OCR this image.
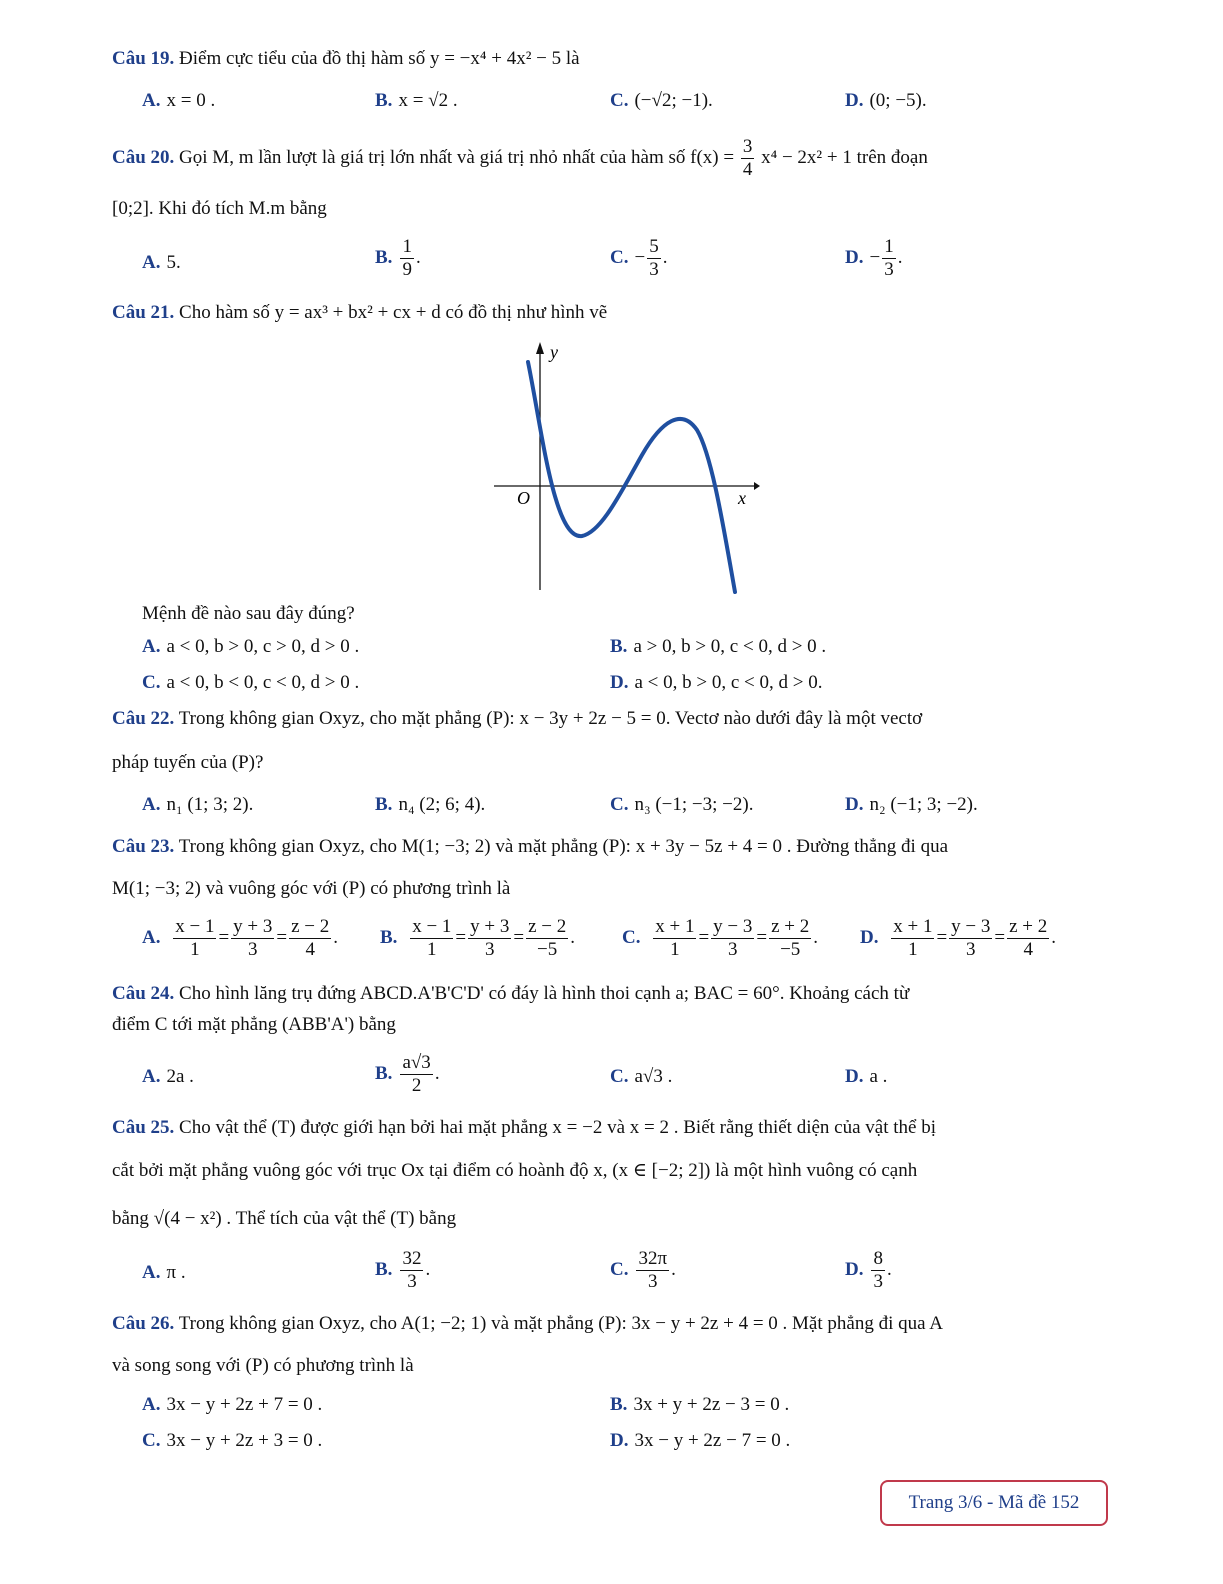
Câu 19. Điểm cực tiểu của đồ thị hàm số y = −x⁴ + 4x² − 5 là
A. x = 0 .	B. x = √2 .	C. (−√2; −1).	D. (0; −5).
Câu 20. Gọi M, m lần lượt là giá trị lớn nhất và giá trị nhỏ nhất của hàm số $f(x) = \frac{3}{4} x^4 - 2x^2 + 1$ trên đoạn
[0;2]. Khi đó tích M.m bằng
A. 5.	B. $\frac{1}{9}$ .	C. − $\frac{5}{3}$ .	D. − $\frac{1}{3}$ .
Câu 21. Cho hàm số y = ax³ + bx² + cx + d có đồ thị như hình vẽ
y
x
O
Mệnh đề nào sau đây đúng?
A. a < 0, b > 0, c > 0, d > 0 .	B. a > 0, b > 0, c < 0, d > 0 .
C. a < 0, b < 0, c < 0, d > 0 .	D. a < 0, b > 0, c < 0, d > 0.
Câu 22. Trong không gian Oxyz, cho mặt phẳng (P): x − 3y + 2z − 5 = 0. Vectơ nào dưới đây là một vectơ
pháp tuyến của (P)?
A. n₁ (1; 3; 2).	B. n₄ (2; 6; 4).	C. n₃ (−1; −3; −2).	D. n₂ (−1; 3; −2).
Câu 23. Trong không gian Oxyz, cho M(1; −3; 2) và mặt phẳng (P): x + 3y − 5z + 4 = 0 . Đường thẳng đi qua
M(1; −3; 2) và vuông góc với (P) có phương trình là
A. $\frac{x - 1}{1} = \frac{y + 3}{3} = \frac{z - 2}{4}$ . B. $\frac{x - 1}{1} = \frac{y + 3}{3} = \frac{z - 2}{-5}$ . C. $\frac{x + 1}{1} = \frac{y - 3}{3} = \frac{z + 2}{-5}$ . D. $\frac{x + 1}{1} = \frac{y - 3}{3} = \frac{z + 2}{4}$ .
Câu 24. Cho hình lăng trụ đứng ABCD.A'B'C'D' có đáy là hình thoi cạnh a; BAC = 60°. Khoảng cách từ
điểm C tới mặt phẳng (ABB'A') bằng
A. 2a .	B. $\frac{a√3}{2}$ .	C. a√3 .	D. a .
Câu 25. Cho vật thể (T) được giới hạn bởi hai mặt phẳng x = −2 và x = 2 . Biết rằng thiết diện của vật thể bị
cắt bởi mặt phẳng vuông góc với trục Ox tại điểm có hoành độ x, (x ∈ [−2; 2]) là một hình vuông có cạnh
bằng √(4 − x²) . Thể tích của vật thể (T) bằng
A. π .	B. $\frac{32}{3}$ .	C. $\frac{32\pi}{3}$ .	D. $\frac{8}{3}$ .
Câu 26. Trong không gian Oxyz, cho A(1; −2; 1) và mặt phẳng (P): 3x − y + 2z + 4 = 0 . Mặt phẳng đi qua A
và song song với (P) có phương trình là
A. 3x − y + 2z + 7 = 0 .	B. 3x + y + 2z − 3 = 0 .
C. 3x − y + 2z + 3 = 0 .	D. 3x − y + 2z − 7 = 0 .
Trang 3/6 - Mã đề 152
